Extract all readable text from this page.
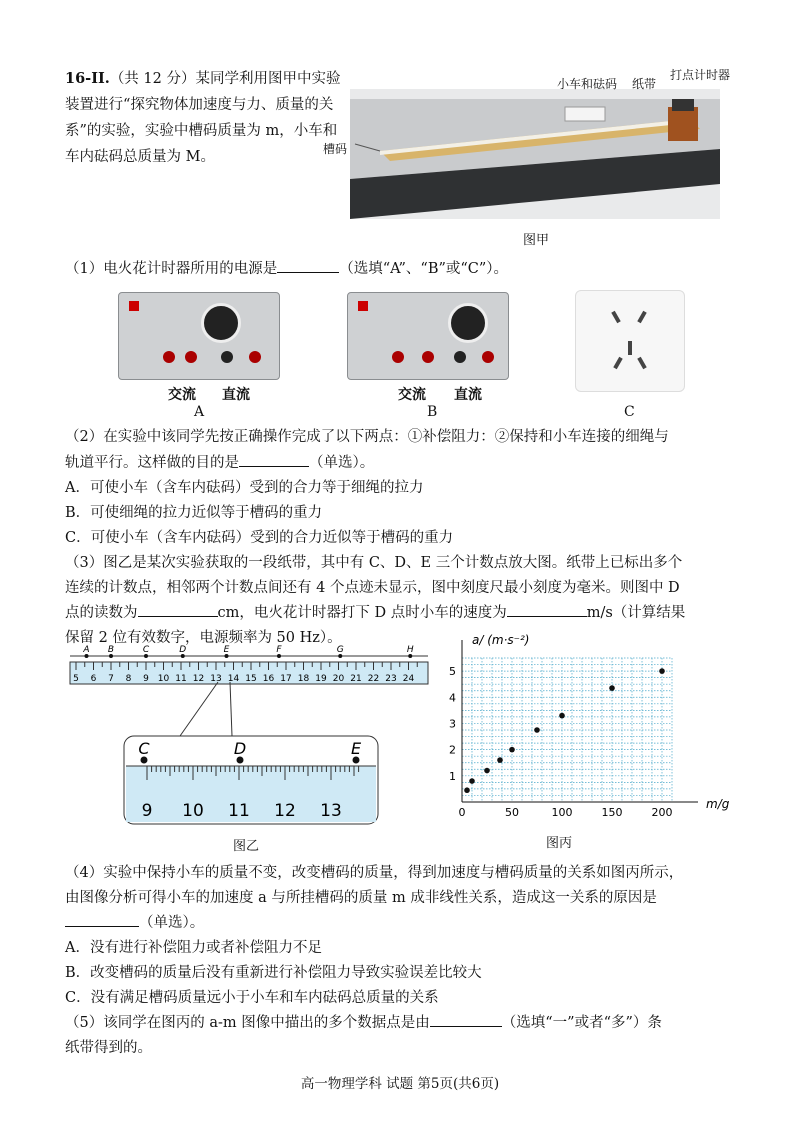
16-II.（共 12 分）某同学利用图甲中实验装置进行“探究物体加速度与力、质量的关系”的实验，实验中槽码质量为 m，小车和车内砝码总质量为 M。
小车和砝码 纸带
打点计时器
槽码
图甲
（1）电火花计时器所用的电源是	（选填“A”、“B”或“C”）。
交流 直流
A
交流 直流
B	C
（2）在实验中该同学先按正确操作完成了以下两点：①补偿阻力：②保持和小车连接的细绳与
轨道平行。这样做的目的是	（单选）。
A．可使小车（含车内砝码）受到的合力等于细绳的拉力
B．可使细绳的拉力近似等于槽码的重力
C．可使小车（含车内砝码）受到的合力近似等于槽码的重力
（3）图乙是某次实验获取的一段纸带，其中有 C、D、E 三个计数点放大图。纸带上已标出多个
连续的计数点，相邻两个计数点间还有 4 个点迹未显示，图中刻度尺最小刻度为毫米。则图中 D
点的读数为	cm，电火花计时器打下 D 点时小车的速度为	m/s（计算结果
保留 2 位有效数字，电源频率为 50 Hz）。
5 6 7 8 9 10 11 12 13 14 15 16 17 18 19 20 21 22 23 24
A B	C	D	E	F	G	H
9 10 11 12 13
C	D	E
图乙
0	50	100	150	200
1
2
3
4
5
a/ (m·s⁻²)
m/g
图丙
（4）实验中保持小车的质量不变，改变槽码的质量，得到加速度与槽码质量的关系如图丙所示，
由图像分析可得小车的加速度 a 与所挂槽码的质量 m 成非线性关系，造成这一关系的原因是
（单选）。
A．没有进行补偿阻力或者补偿阻力不足
B．改变槽码的质量后没有重新进行补偿阻力导致实验误差比较大
C．没有满足槽码质量远小于小车和车内砝码总质量的关系
（5）该同学在图丙的 a-m 图像中描出的多个数据点是由	（选填“一”或者“多”）条
纸带得到的。
高一物理学科 试题 第5页(共6页)
